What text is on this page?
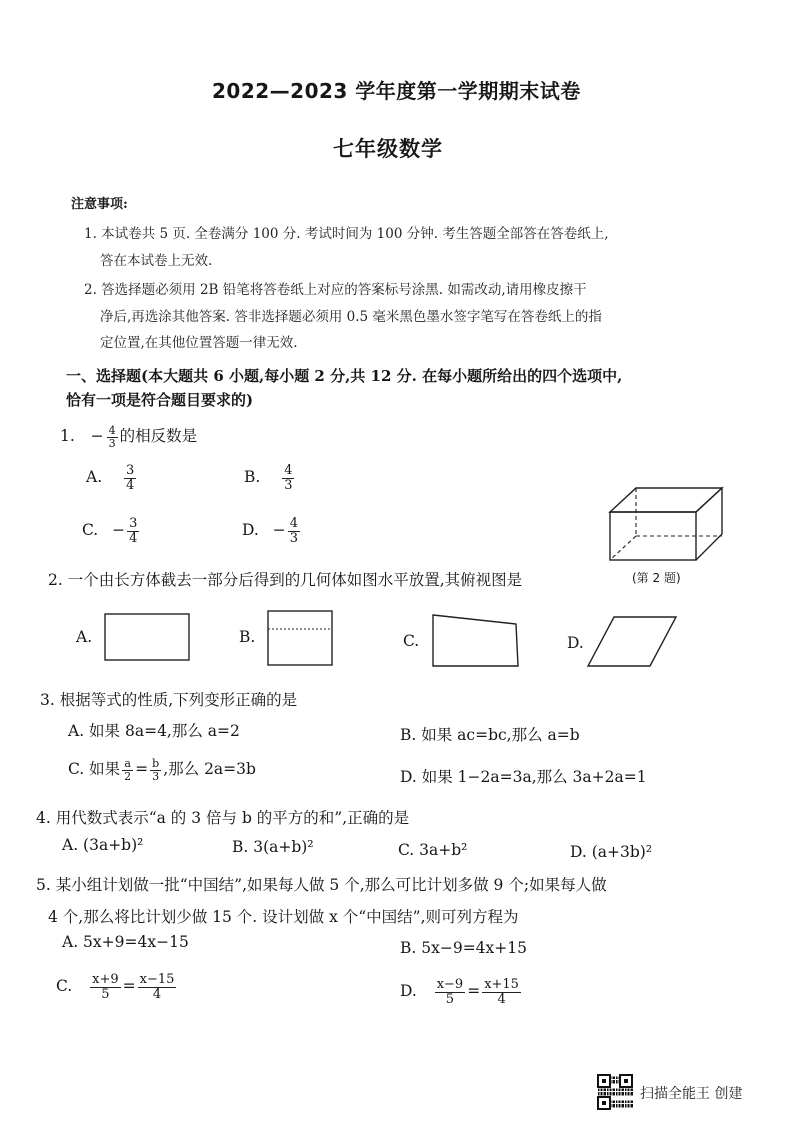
2022—2023 学年度第一学期期末试卷
七年级数学
注意事项:
1. 本试卷共 5 页. 全卷满分 100 分. 考试时间为 100 分钟. 考生答题全部答在答卷纸上,
答在本试卷上无效.
2. 答选择题必须用 2B 铅笔将答卷纸上对应的答案标号涂黑. 如需改动,请用橡皮擦干
净后,再选涂其他答案. 答非选择题必须用 0.5 毫米黑色墨水签字笔写在答卷纸上的指
定位置,在其他位置答题一律无效.
一、选择题(本大题共 6 小题,每小题 2 分,共 12 分. 在每小题所给出的四个选项中,
恰有一项是符合题目要求的)
1. − $\frac{4}{3}$ 的相反数是
A. $\frac{3}{4}$	B. $\frac{4}{3}$
C. − $\frac{3}{4}$	D. − $\frac{4}{3}$
(第 2 题)
2. 一个由长方体截去一部分后得到的几何体如图水平放置,其俯视图是
A.	B.	C.	D.
3. 根据等式的性质,下列变形正确的是
A. 如果 8a=4,那么 a=2	B. 如果 ac=bc,那么 a=b
C. 如果 $\frac{a}{2} = \frac{b}{3}$ ,那么 2a=3b	D. 如果 1−2a=3a,那么 3a+2a=1
4. 用代数式表示“a 的 3 倍与 b 的平方的和”,正确的是
A. (3a+b)²	B. 3(a+b)²	C. 3a+b²	D. (a+3b)²
5. 某小组计划做一批“中国结”,如果每人做 5 个,那么可比计划多做 9 个;如果每人做
4 个,那么将比计划少做 15 个. 设计划做 x 个“中国结”,则可列方程为
A. 5x+9=4x−15	B. 5x−9=4x+15
C. $\frac{x+9}{5} = \frac{x-15}{4}$	D. $\frac{x-9}{5} = \frac{x+15}{4}$
扫描全能王 创建
